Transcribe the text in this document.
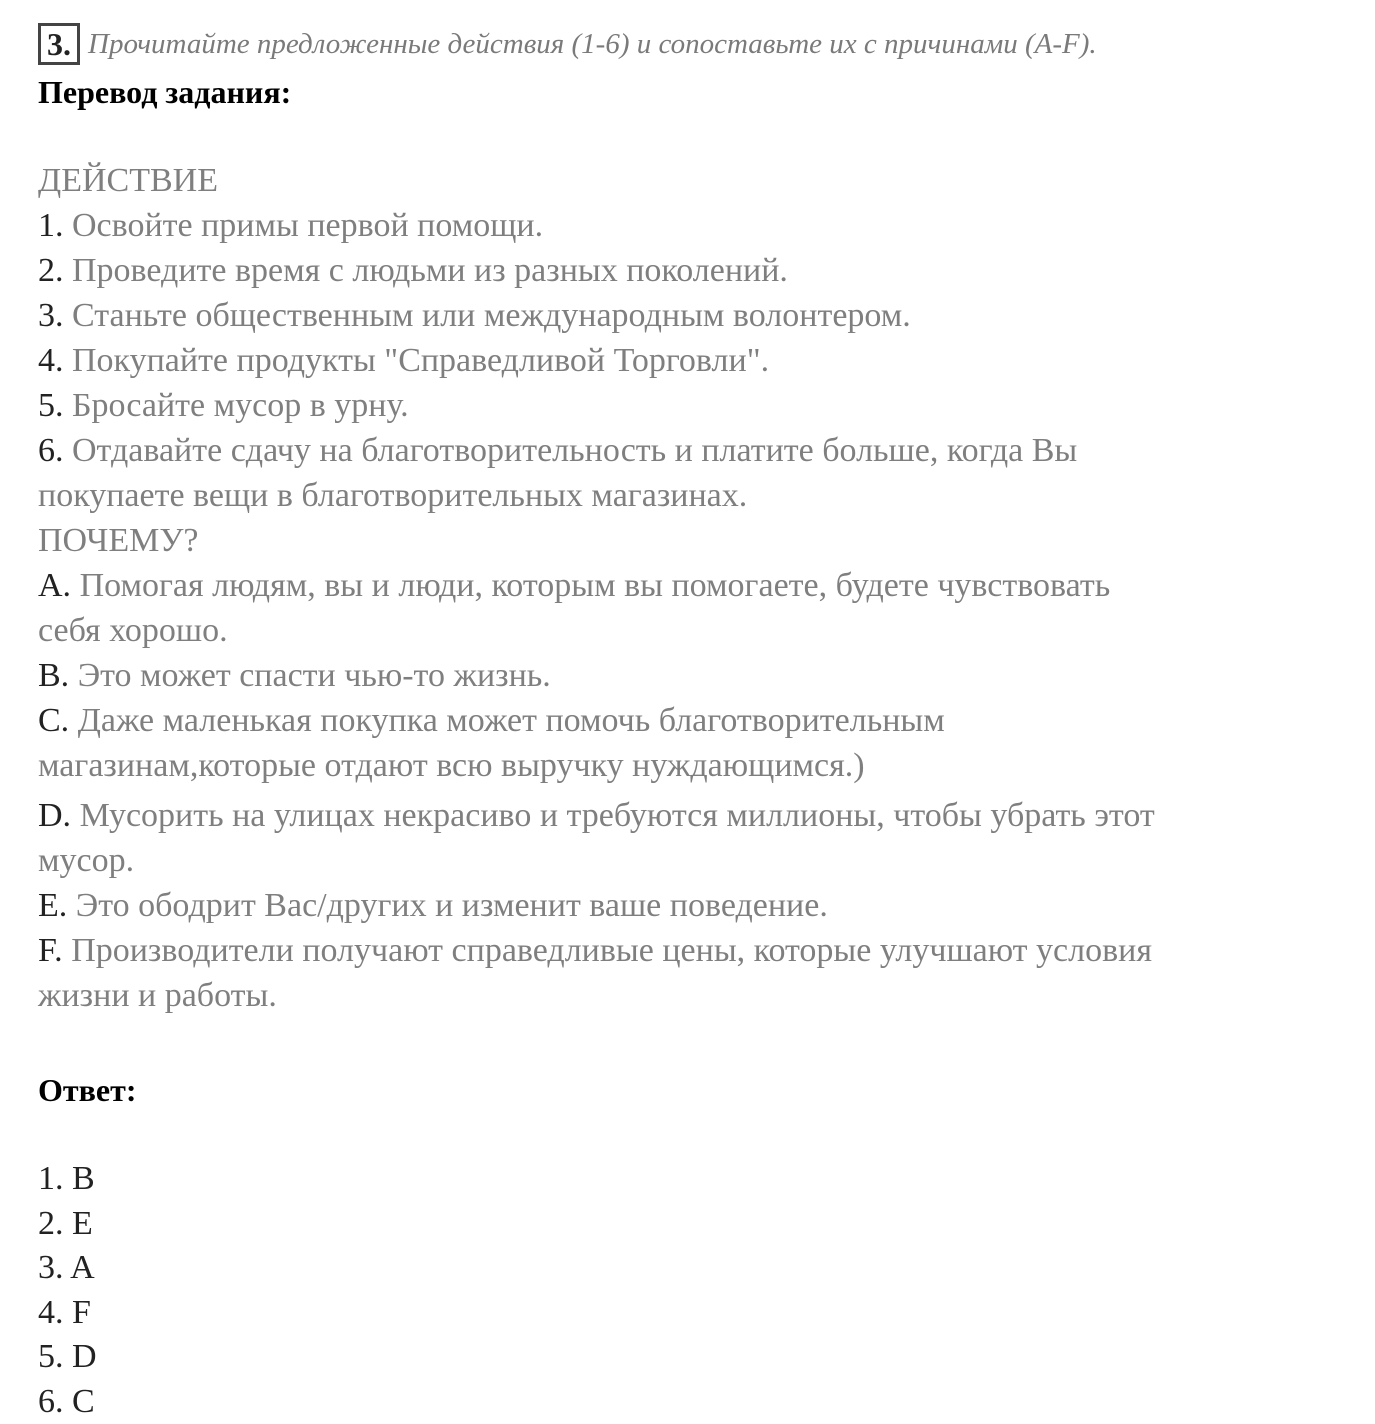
3. Прочитайте предложенные действия (1-6) и сопоставьте их с причинами (A-F).
Перевод задания:
ДЕЙСТВИЕ
1. Освойте примы первой помощи.
2. Проведите время с людьми из разных поколений.
3. Станьте общественным или международным волонтером.
4. Покупайте продукты "Справедливой Торговли".
5. Бросайте мусор в урну.
6. Отдавайте сдачу на благотворительность и платите больше, когда Вы
покупаете вещи в благотворительных магазинах.
ПОЧЕМУ?
A. Помогая людям, вы и люди, которым вы помогаете, будете чувствовать
себя хорошо.
B. Это может спасти чью-то жизнь.
C. Даже маленькая покупка может помочь благотворительным
магазинам,которые отдают всю выручку нуждающимся.)
D. Мусорить на улицах некрасиво и требуются миллионы, чтобы убрать этот
мусор.
E. Это ободрит Вас/других и изменит ваше поведение.
F. Производители получают справедливые цены, которые улучшают условия
жизни и работы.
Ответ:
1. B
2. E
3. A
4. F
5. D
6. C
